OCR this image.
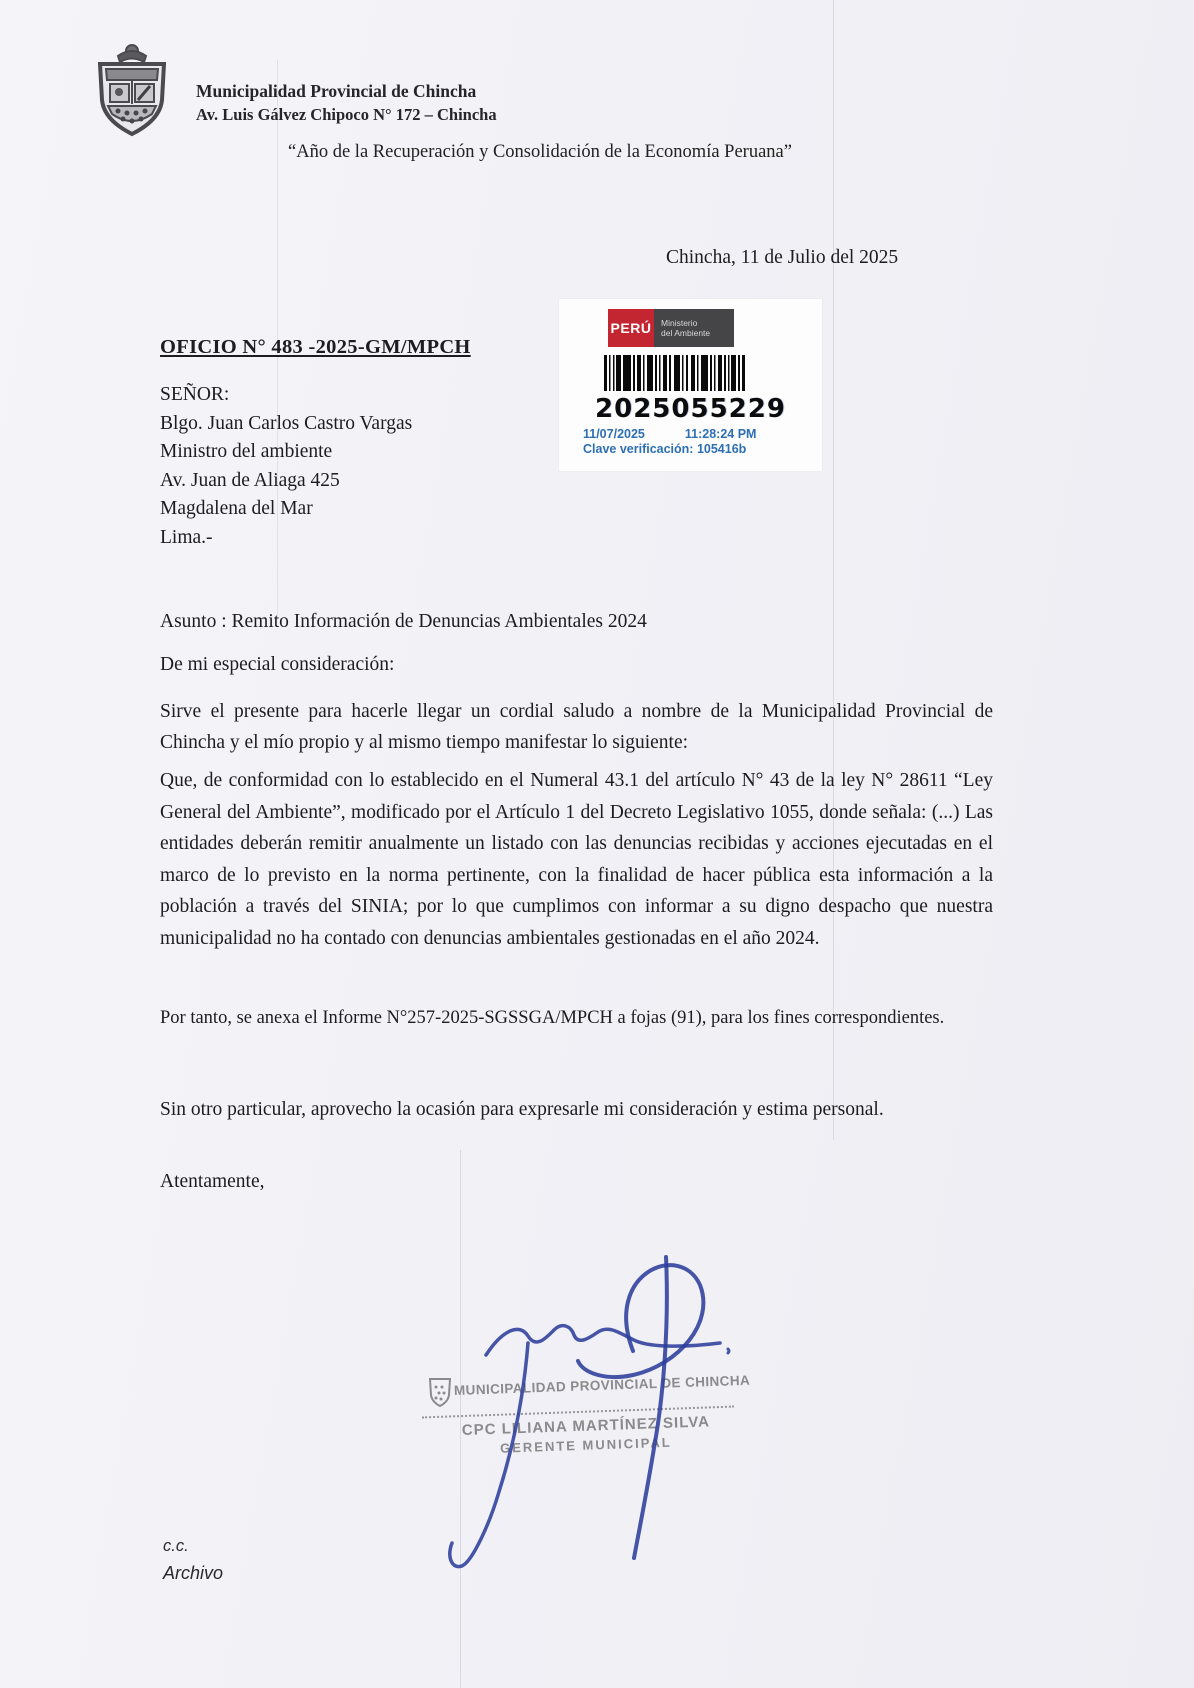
Municipalidad Provincial de Chincha
Av. Luis Gálvez Chipoco N° 172 – Chincha
“Año de la Recuperación y Consolidación de la Economía Peruana”
Chincha, 11 de Julio del 2025
PERÚ Ministerio
del Ambiente
2025055229
11/07/2025	11:28:24 PM
Clave verificación: 105416b
OFICIO N° 483 -2025-GM/MPCH
SEÑOR:
Blgo. Juan Carlos Castro Vargas
Ministro del ambiente
Av. Juan de Aliaga 425
Magdalena del Mar
Lima.-
Asunto : Remito Información de Denuncias Ambientales 2024
De mi especial consideración:
Sirve el presente para hacerle llegar un cordial saludo a nombre de la Municipalidad Provincial de Chincha y el mío propio y al mismo tiempo manifestar lo siguiente:
Que, de conformidad con lo establecido en el Numeral 43.1 del artículo N° 43 de la ley N° 28611 “Ley General del Ambiente”, modificado por el Artículo 1 del Decreto Legislativo 1055, donde señala: (...) Las entidades deberán remitir anualmente un listado con las denuncias recibidas y acciones ejecutadas en el marco de lo previsto en la norma pertinente, con la finalidad de hacer pública esta información a la población a través del SINIA; por lo que cumplimos con informar a su digno despacho que nuestra municipalidad no ha contado con denuncias ambientales gestionadas en el año 2024.
Por tanto, se anexa el Informe N°257-2025-SGSSGA/MPCH a fojas (91), para los fines correspondientes.
Sin otro particular, aprovecho la ocasión para expresarle mi consideración y estima personal.
Atentamente,
MUNICIPALIDAD PROVINCIAL DE CHINCHA
CPC LILIANA MARTÍNEZ SILVA
GERENTE MUNICIPAL
c.c.
Archivo
